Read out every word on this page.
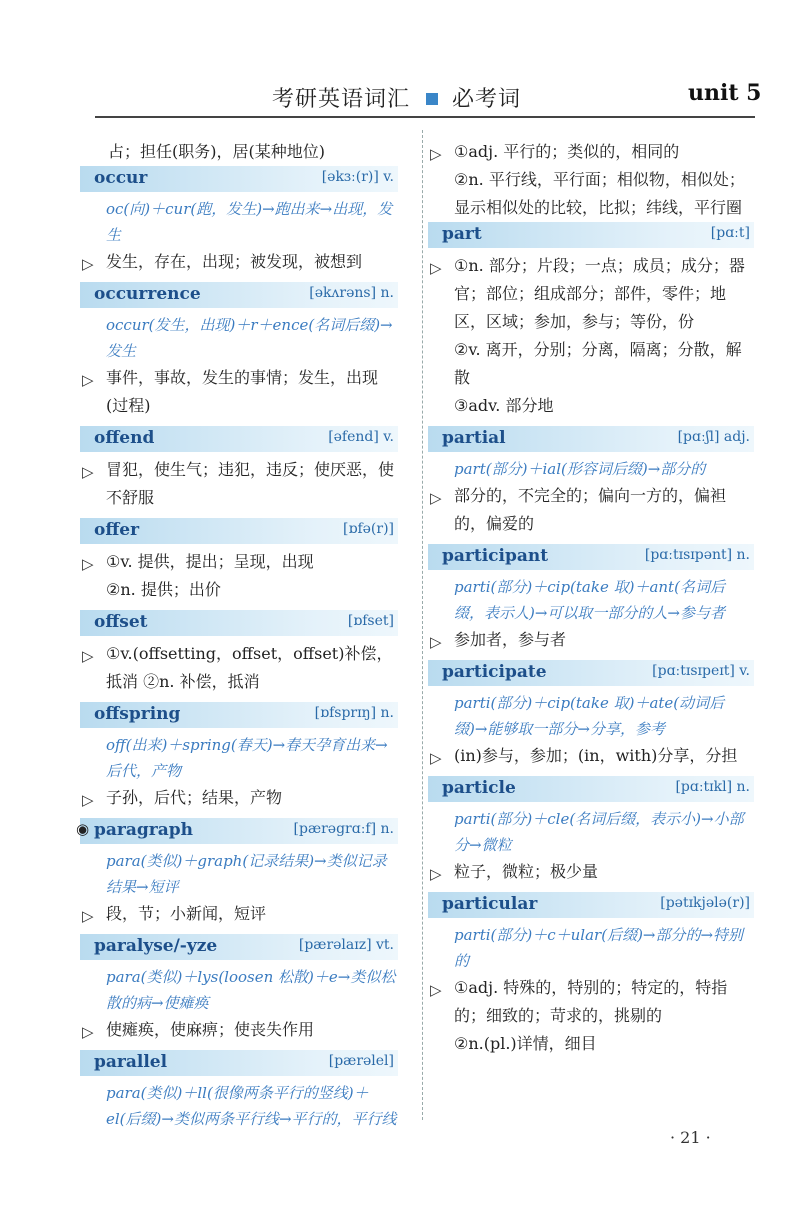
考研英语词汇 必考词	unit 5
占；担任(职务)，居(某种地位)
occur	[əkɜː(r)] v.
oc(向)＋cur(跑，发生)→跑出来→出现，发生
▷ 发生，存在，出现；被发现，被想到
occurrence	[əkʌrəns] n.
occur(发生，出现)＋r＋ence(名词后缀)→发生
▷ 事件，事故，发生的事情；发生，出现(过程)
offend	[əfend] v.
▷ 冒犯，使生气；违犯，违反；使厌恶，使不舒服
offer	[ɒfə(r)]
▷ ①v. 提供，提出；呈现，出现
②n. 提供；出价
offset	[ɒfset]
▷ ①v.(offsetting，offset，offset)补偿，抵消 ②n. 补偿，抵消
offspring	[ɒfsprɪŋ] n.
off(出来)＋spring(春天)→春天孕育出来→后代，产物
▷ 子孙，后代；结果，产物
◉ paragraph	[pærəgrɑːf] n.
para(类似)＋graph(记录结果)→类似记录结果→短评
▷ 段，节；小新闻，短评
paralyse/-yze	[pærəlaɪz] vt.
para(类似)＋lys(loosen 松散)＋e→类似松散的病→使瘫痪
▷ 使瘫痪，使麻痹；使丧失作用
parallel	[pærəlel]
para(类似)＋ll(很像两条平行的竖线)＋el(后缀)→类似两条平行线→平行的，平行线
▷ ①adj. 平行的；类似的，相同的
②n. 平行线，平行面；相似物，相似处；显示相似处的比较，比拟；纬线，平行圈
part	[pɑːt]
▷ ①n. 部分；片段；一点；成员；成分；器官；部位；组成部分；部件，零件；地区，区域；参加，参与；等份，份
②v. 离开，分别；分离，隔离；分散，解散
③adv. 部分地
partial	[pɑːʃl] adj.
part(部分)＋ial(形容词后缀)→部分的
▷ 部分的，不完全的；偏向一方的，偏袒的，偏爱的
participant	[pɑːtɪsɪpənt] n.
parti(部分)＋cip(take 取)＋ant(名词后缀，表示人)→可以取一部分的人→参与者
▷ 参加者，参与者
participate	[pɑːtɪsɪpeɪt] v.
parti(部分)＋cip(take 取)＋ate(动词后缀)→能够取一部分→分享，参考
▷ (in)参与，参加；(in，with)分享，分担
particle	[pɑːtɪkl] n.
parti(部分)＋cle(名词后缀，表示小)→小部分→微粒
▷ 粒子，微粒；极少量
particular	[pətɪkjələ(r)]
parti(部分)＋c＋ular(后缀)→部分的→特别的
▷ ①adj. 特殊的，特别的；特定的，特指的；细致的；苛求的，挑剔的
②n.(pl.)详情，细目
· 21 ·
